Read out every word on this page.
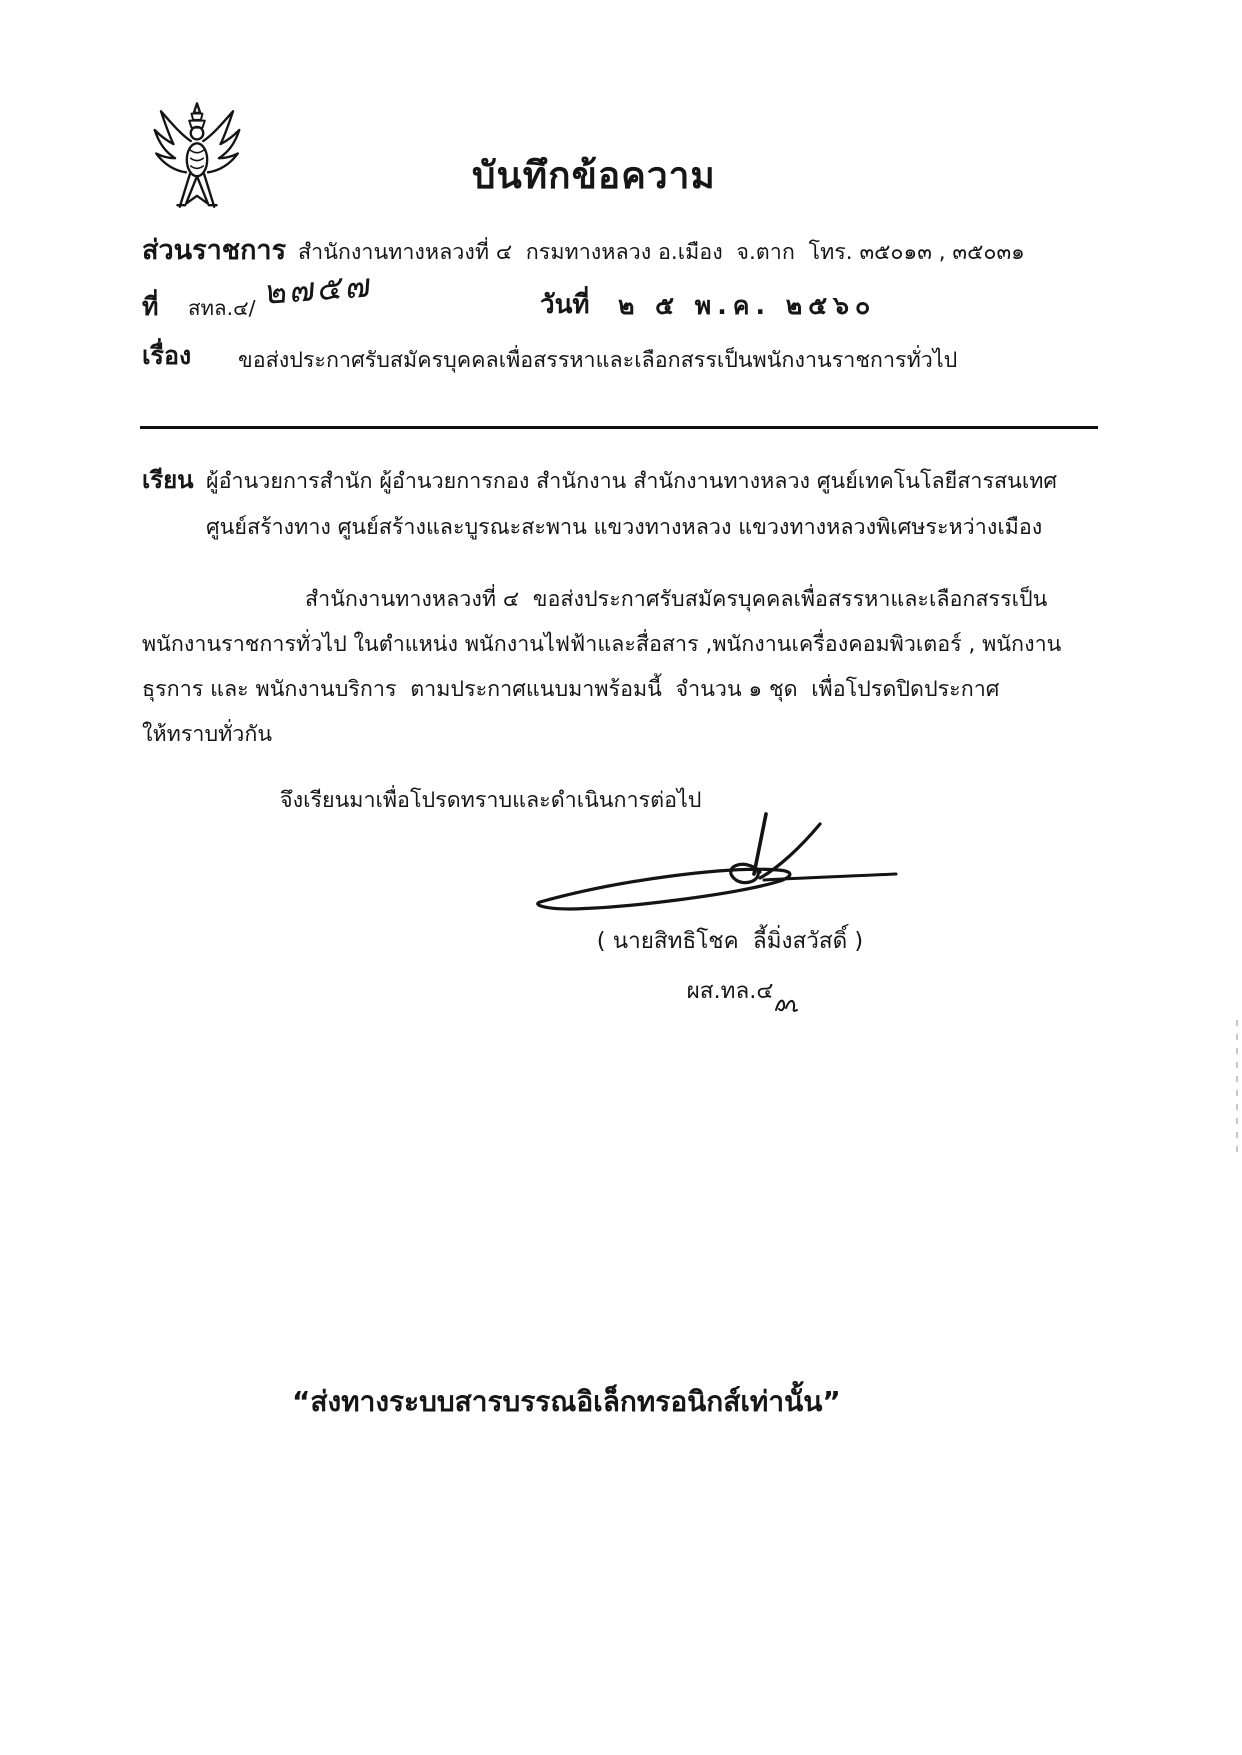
บันทึกข้อความ
ส่วนราชการ สำนักงานทางหลวงที่ ๔  กรมทางหลวง อ.เมือง  จ.ตาก  โทร. ๓๕๐๑๓ , ๓๕๐๓๑
ที่ สทล.๔/ ๒๗๕๗	วันที่ ๒ ๕ พ.ค. ๒๕๖๐
เรื่อง ขอส่งประกาศรับสมัครบุคคลเพื่อสรรหาและเลือกสรรเป็นพนักงานราชการทั่วไป
เรียน ผู้อำนวยการสำนัก ผู้อำนวยการกอง สำนักงาน สำนักงานทางหลวง ศูนย์เทคโนโลยีสารสนเทศ
ศูนย์สร้างทาง ศูนย์สร้างและบูรณะสะพาน แขวงทางหลวง แขวงทางหลวงพิเศษระหว่างเมือง
สำนักงานทางหลวงที่ ๔  ขอส่งประกาศรับสมัครบุคคลเพื่อสรรหาและเลือกสรรเป็น
พนักงานราชการทั่วไป ในตำแหน่ง พนักงานไฟฟ้าและสื่อสาร ,พนักงานเครื่องคอมพิวเตอร์ , พนักงาน
ธุรการ และ พนักงานบริการ  ตามประกาศแนบมาพร้อมนี้  จำนวน ๑ ชุด  เพื่อโปรดปิดประกาศ
ให้ทราบทั่วกัน
จึงเรียนมาเพื่อโปรดทราบและดำเนินการต่อไป
( นายสิทธิโชค  ลี้มิ่งสวัสดิ์ )
ผส.ทล.๔
“ส่งทางระบบสารบรรณอิเล็กทรอนิกส์เท่านั้น”
